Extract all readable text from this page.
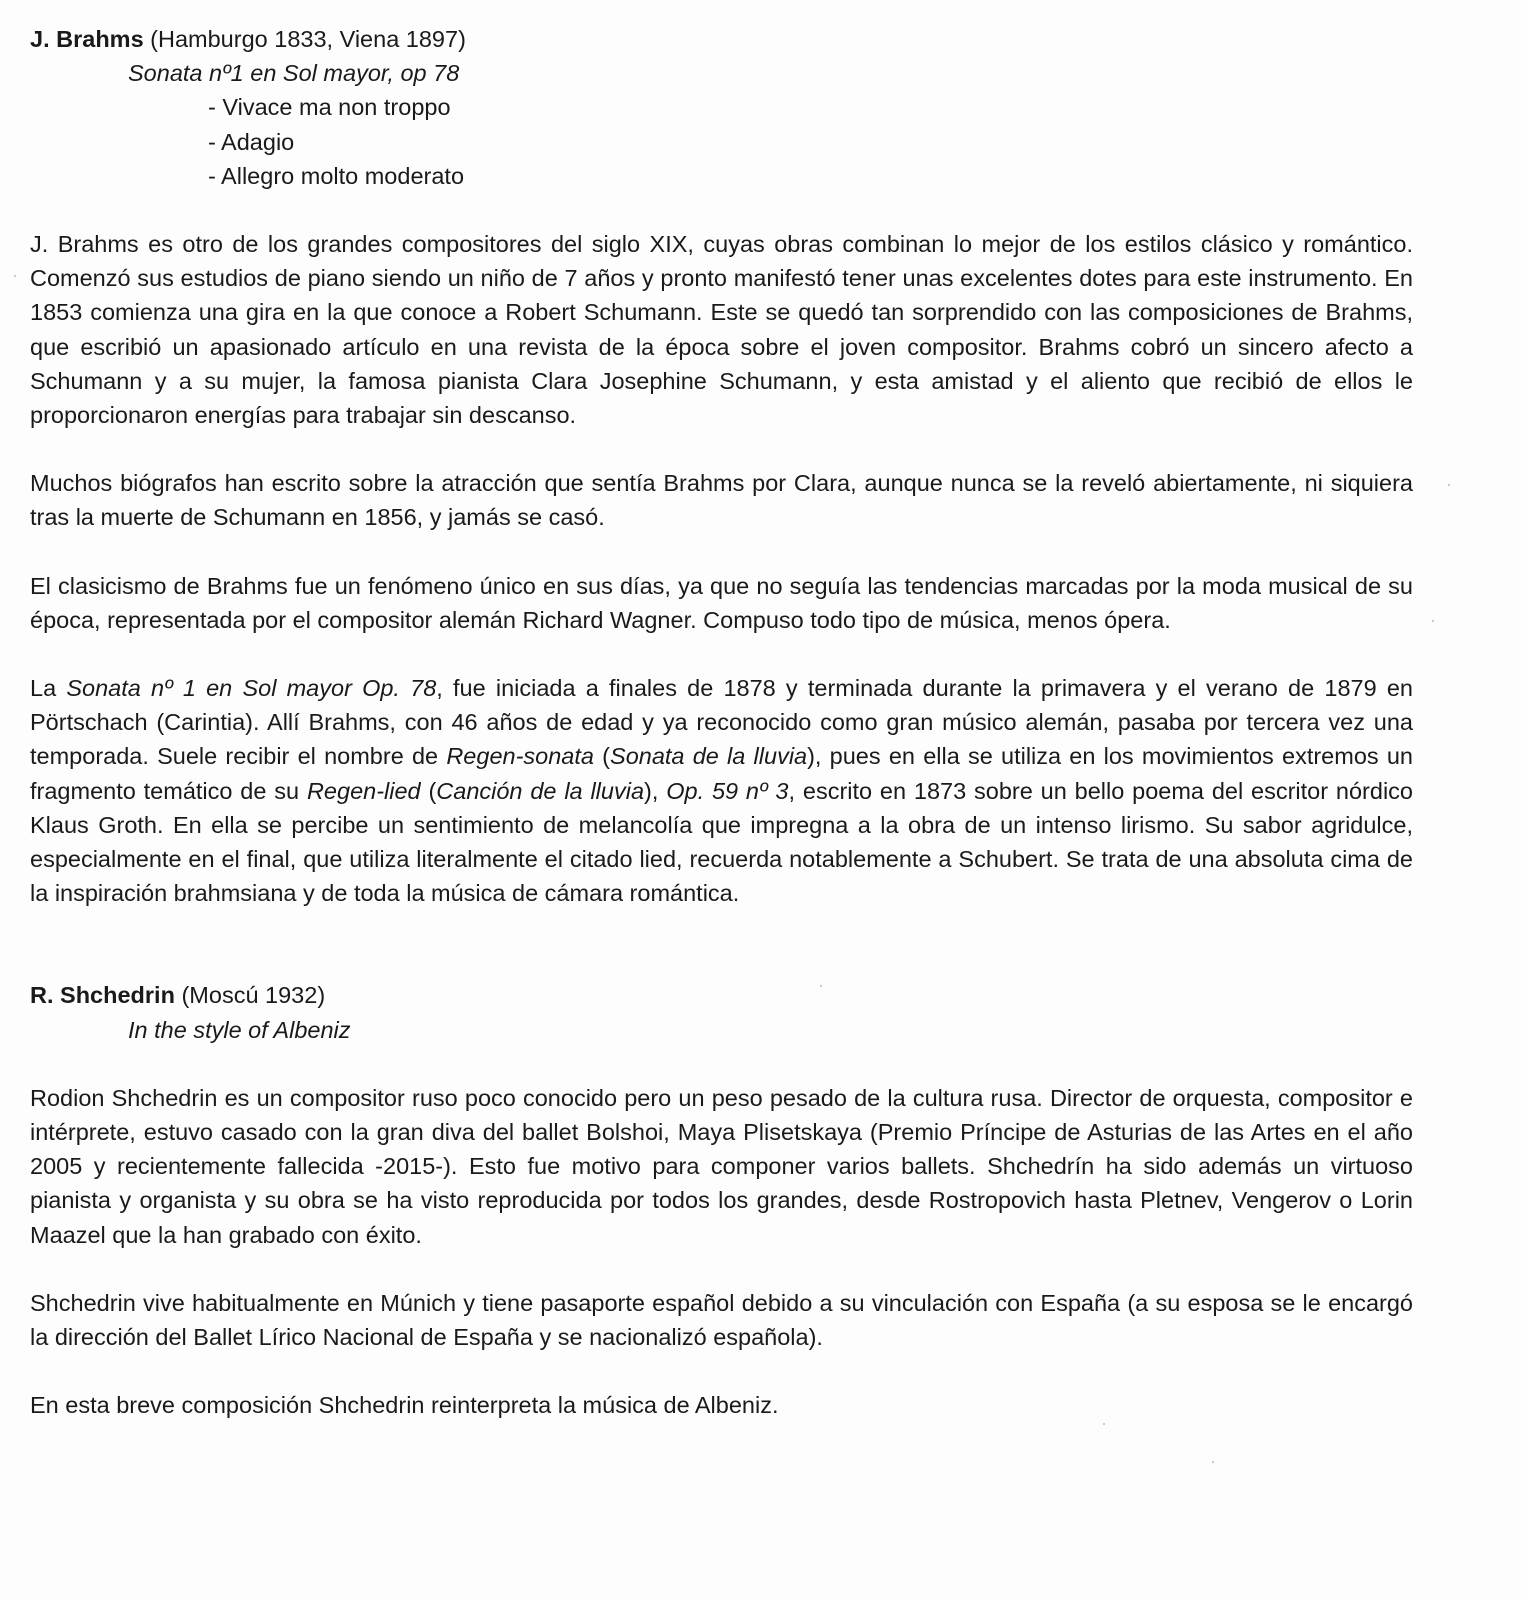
J. Brahms (Hamburgo 1833, Viena 1897)

Sonata nº1 en Sol mayor, op 78

- Vivace ma non troppo
- Adagio
- Allegro molto moderato

J. Brahms es otro de los grandes compositores del siglo XIX, cuyas obras combinan lo mejor de los estilos clásico y romántico. Comenzó sus estudios de piano siendo un niño de 7 años y pronto manifestó tener unas excelentes dotes para este instrumento. En 1853 comienza una gira en la que conoce a Robert Schumann. Este se quedó tan sorprendido con las composiciones de Brahms, que escribió un apasionado artículo en una revista de la época sobre el joven compositor. Brahms cobró un sincero afecto a Schumann y a su mujer, la famosa pianista Clara Josephine Schumann, y esta amistad y el aliento que recibió de ellos le proporcionaron energías para trabajar sin descanso.

Muchos biógrafos han escrito sobre la atracción que sentía Brahms por Clara, aunque nunca se la reveló abiertamente, ni siquiera tras la muerte de Schumann en 1856, y jamás se casó.

El clasicismo de Brahms fue un fenómeno único en sus días, ya que no seguía las tendencias marcadas por la moda musical de su época, representada por el compositor alemán Richard Wagner. Compuso todo tipo de música, menos ópera.

La Sonata nº 1 en Sol mayor Op. 78, fue iniciada a finales de 1878 y terminada durante la primavera y el verano de 1879 en Pörtschach (Carintia). Allí Brahms, con 46 años de edad y ya reconocido como gran músico alemán, pasaba por tercera vez una temporada. Suele recibir el nombre de Regen-sonata (Sonata de la lluvia), pues en ella se utiliza en los movimientos extremos un fragmento temático de su Regen-lied (Canción de la lluvia), Op. 59 nº 3, escrito en 1873 sobre un bello poema del escritor nórdico Klaus Groth. En ella se percibe un sentimiento de melancolía que impregna a la obra de un intenso lirismo. Su sabor agridulce, especialmente en el final, que utiliza literalmente el citado lied, recuerda notablemente a Schubert. Se trata de una absoluta cima de la inspiración brahmsiana y de toda la música de cámara romántica.

R. Shchedrin (Moscú 1932)

In the style of Albeniz

Rodion Shchedrin es un compositor ruso poco conocido pero un peso pesado de la cultura rusa. Director de orquesta, compositor e intérprete, estuvo casado con la gran diva del ballet Bolshoi, Maya Plisetskaya (Premio Príncipe de Asturias de las Artes en el año 2005 y recientemente fallecida -2015-). Esto fue motivo para componer varios ballets. Shchedrín ha sido además un virtuoso pianista y organista y su obra se ha visto reproducida por todos los grandes, desde Rostropovich hasta Pletnev, Vengerov o Lorin Maazel que la han grabado con éxito.

Shchedrin vive habitualmente en Múnich y tiene pasaporte español debido a su vinculación con España (a su esposa se le encargó la dirección del Ballet Lírico Nacional de España y se nacionalizó española).

En esta breve composición Shchedrin reinterpreta la música de Albeniz.
